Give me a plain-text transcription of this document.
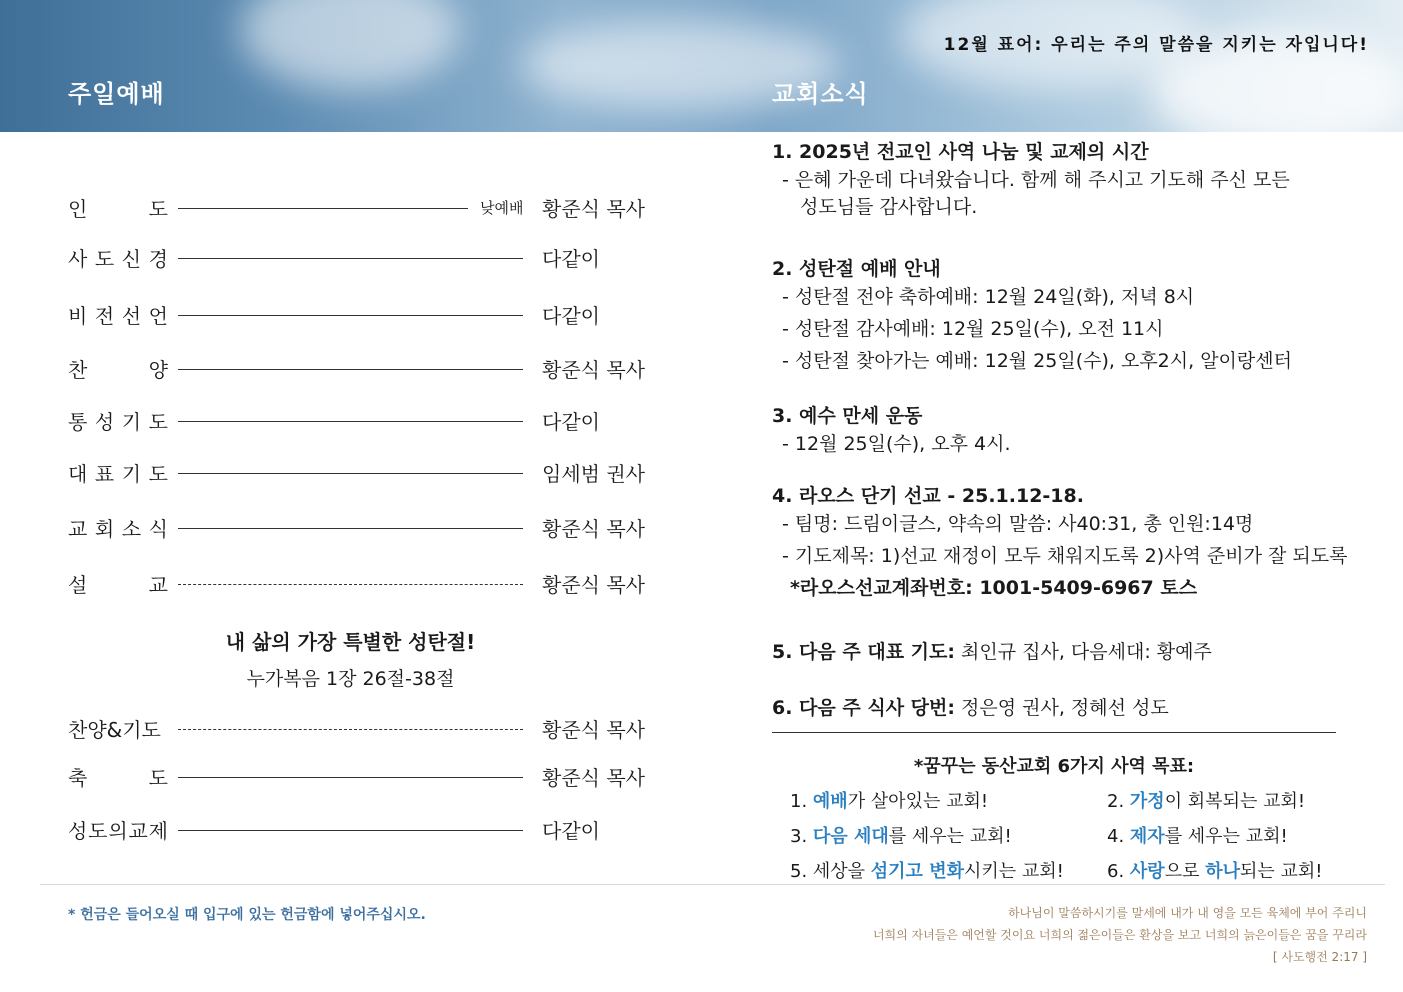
12월 표어: 우리는 주의 말씀을 지키는 자입니다!
주일예배	교회소식
인	도	낮예배 황준식 목사
사 도 신 경	다같이
비 전 선 언	다같이
찬	양	황준식 목사
통 성 기 도	다같이
대 표 기 도	임세범 권사
교 회 소 식	황준식 목사
설	교	황준식 목사
내 삶의 가장 특별한 성탄절!
누가복음 1장 26절-38절
찬양&기도	황준식 목사
축	도	황준식 목사
성 도 의 교 제	다같이
1. 2025년 전교인 사역 나눔 및 교제의 시간
- 은혜 가운데 다녀왔습니다. 함께 해 주시고 기도해 주신 모든
성도님들 감사합니다.
2. 성탄절 예배 안내
- 성탄절 전야 축하예배: 12월 24일(화), 저녁 8시
- 성탄절 감사예배: 12월 25일(수), 오전 11시
- 성탄절 찾아가는 예배: 12월 25일(수), 오후2시, 알이랑센터
3. 예수 만세 운동
- 12월 25일(수), 오후 4시.
4. 라오스 단기 선교 - 25.1.12-18.
- 팀명: 드림이글스, 약속의 말씀: 사40:31, 총 인원:14명
- 기도제목: 1)선교 재정이 모두 채워지도록 2)사역 준비가 잘 되도록
*라오스선교계좌번호: 1001-5409-6967 토스
5. 다음 주 대표 기도: 최인규 집사, 다음세대: 황예주
6. 다음 주 식사 당번: 정은영 권사, 정혜선 성도
*꿈꾸는 동산교회 6가지 사역 목표:
1. 예배가 살아있는 교회!	2. 가정이 회복되는 교회!
3. 다음 세대를 세우는 교회!	4. 제자를 세우는 교회!
5. 세상을 섬기고 변화시키는 교회! 6. 사랑으로 하나되는 교회!
* 헌금은 들어오실 때 입구에 있는 헌금함에 넣어주십시오.	하나님이 말씀하시기를 말세에 내가 내 영을 모든 육체에 부어 주리니
너희의 자녀들은 예언할 것이요 너희의 젊은이들은 환상을 보고 너희의 늙은이들은 꿈을 꾸리라
[ 사도행전 2:17 ]
